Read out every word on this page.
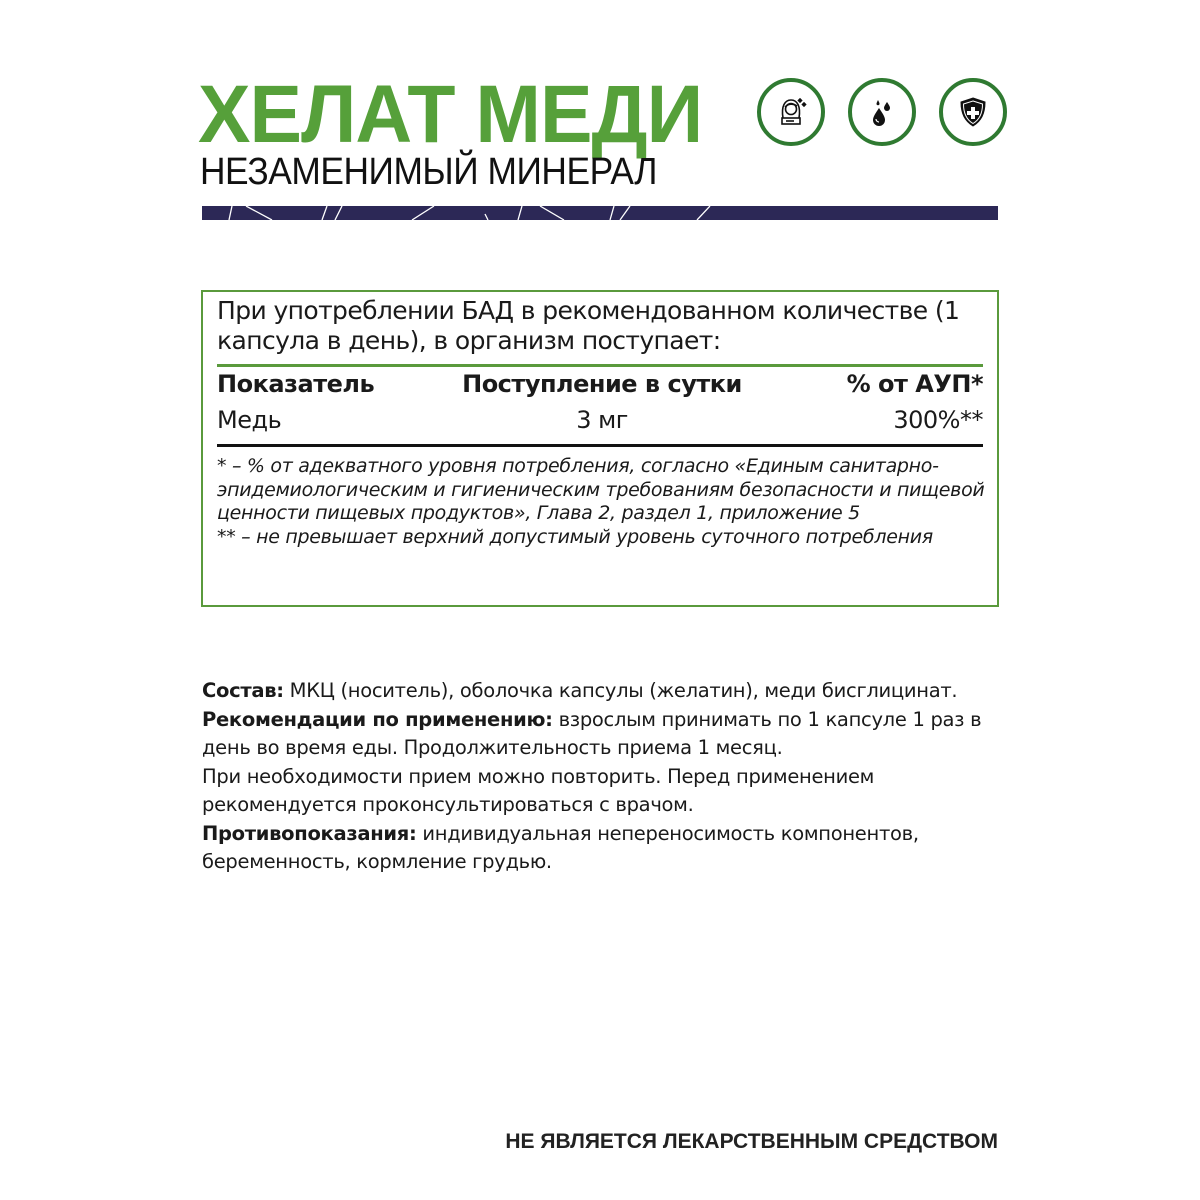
ХЕЛАТ МЕДИ
НЕЗАМЕНИМЫЙ МИНЕРАЛ
При употреблении БАД в рекомендованном количестве (1 капсула в день), в организм поступает:
Показатель	Поступление в сутки	% от АУП*
Медь	3 мг	300%**

* – % от адекватного уровня потребления, согласно «Единым санитарно-эпидемиологическим и гигиеническим требованиям безопасности и пищевой ценности пищевых продуктов», Глава 2, раздел 1, приложение 5

** – не превышает верхний допустимый уровень суточного потребления

Состав: МКЦ (носитель), оболочка капсулы (желатин), меди бисглицинат.

Рекомендации по применению: взрослым принимать по 1 капсуле 1 раз в день во время еды. Продолжительность приема 1 месяц.

При необходимости прием можно повторить. Перед применением рекомендуется проконсультироваться с врачом.

Противопоказания: индивидуальная непереносимость компонентов, беременность, кормление грудью.

НЕ ЯВЛЯЕТСЯ ЛЕКАРСТВЕННЫМ СРЕДСТВОМ
